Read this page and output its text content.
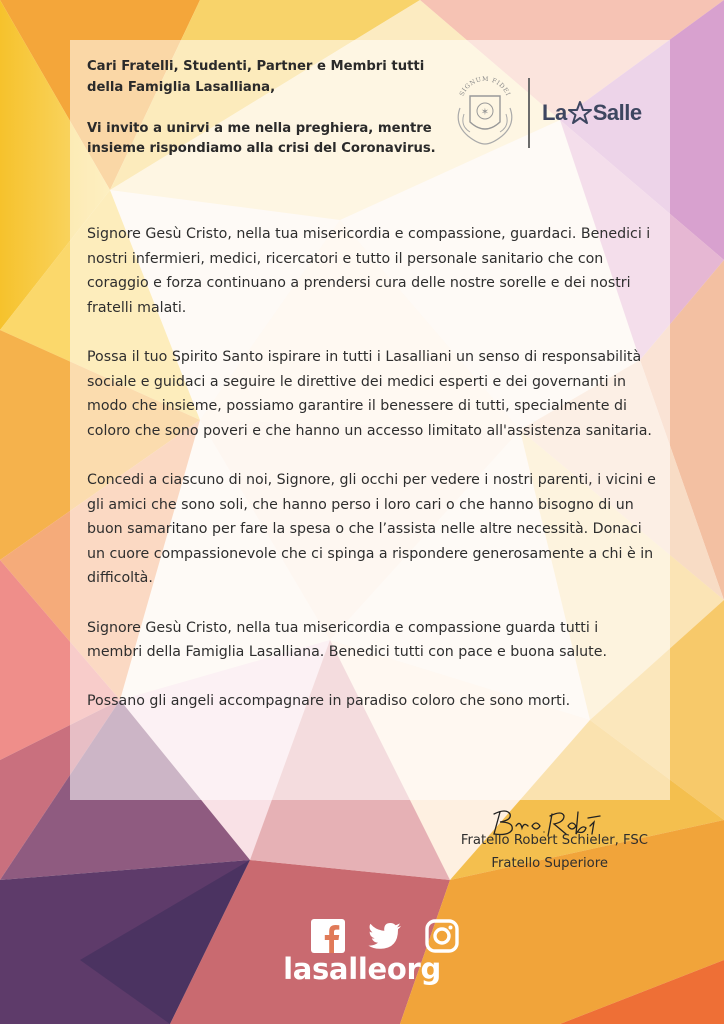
Cari Fratelli, Studenti, Partner e Membri tutti

della Famiglia Lasalliana,

Vi invito a unirvi a me nella preghiera, mentre

insieme rispondiamo alla crisi del Coronavirus.

SIGNUM FIDEI
✶ La Salle

Signore Gesù Cristo, nella tua misericordia e compassione, guardaci. Benedici i nostri infermieri, medici, ricercatori e tutto il personale sanitario che con coraggio e forza continuano a prendersi cura delle nostre sorelle e dei nostri fratelli malati.

Possa il tuo Spirito Santo ispirare in tutti i Lasalliani un senso di responsabilità sociale e guidaci a seguire le direttive dei medici esperti e dei governanti in modo che insieme, possiamo garantire il benessere di tutti, specialmente di coloro che sono poveri e che hanno un accesso limitato all'assistenza sanitaria.

Concedi a ciascuno di noi, Signore, gli occhi per vedere i nostri parenti, i vicini e gli amici che sono soli, che hanno perso i loro cari o che hanno bisogno di un buon samaritano per fare la spesa o che l’assista nelle altre necessità. Donaci un cuore compassionevole che ci spinga a rispondere generosamente a chi è in difficoltà.

Signore Gesù Cristo, nella tua misericordia e compassione guarda tutti i membri della Famiglia Lasalliana. Benedici tutti con pace e buona salute.

Possano gli angeli accompagnare in paradiso coloro che sono morti.

Fratello Robert Schieler, FSC
Fratello Superiore
lasalleorg
